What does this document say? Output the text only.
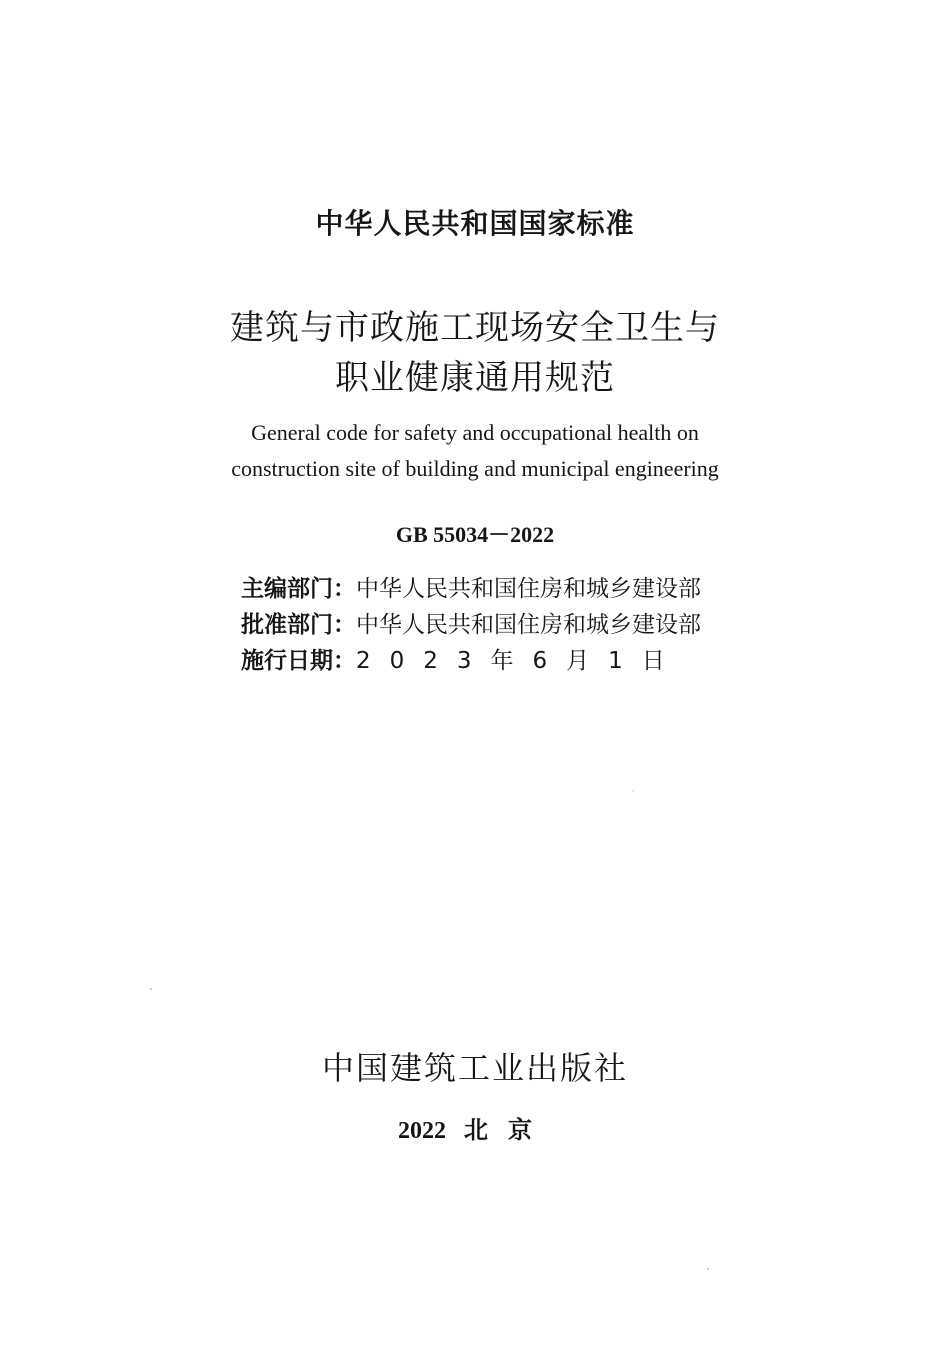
中华人民共和国国家标准
建筑与市政施工现场安全卫生与
职业健康通用规范
General code for safety and occupational health on
construction site of building and municipal engineering
GB 55034－2022
主编部门：中华人民共和国住房和城乡建设部
批准部门：中华人民共和国住房和城乡建设部
施行日期：2023年6月1日
中国建筑工业出版社
2022 北京
